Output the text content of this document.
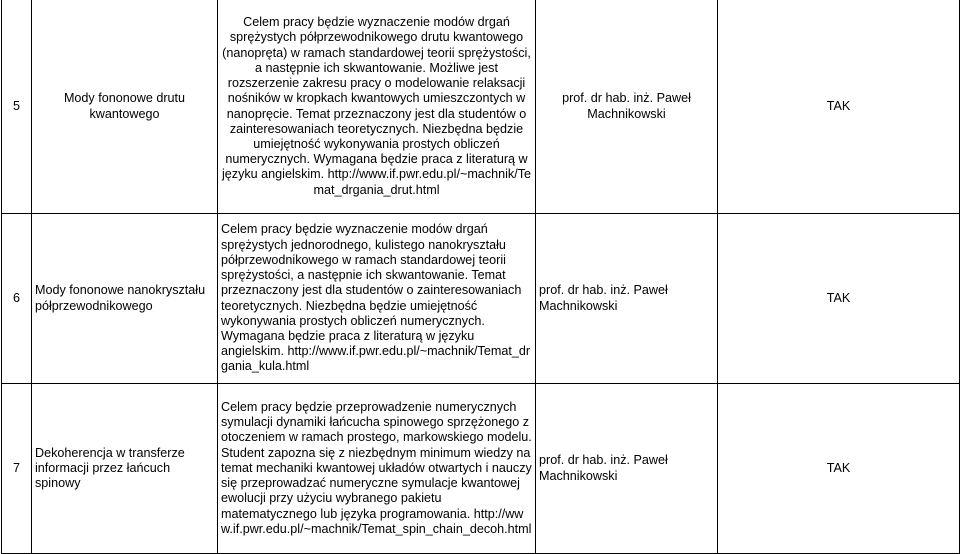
5	Mody fononowe drutu kwantowego	Celem pracy będzie wyznaczenie modów drgań sprężystych półprzewodnikowego drutu kwantowego (nanopręta) w ramach standardowej teorii sprężystości, a następnie ich skwantowanie. Możliwe jest rozszerzenie zakresu pracy o modelowanie relaksacji nośników w kropkach kwantowych umieszczontych w nanopręcie. Temat przeznaczony jest dla studentów o zainteresowaniach teoretycznych. Niezbędna będzie umiejętność wykonywania prostych obliczeń numerycznych. Wymagana będzie praca z literaturą w języku angielskim. http://www.if.pwr.edu.pl/~machnik/Temat_drgania_drut.html	prof. dr hab. inż. Paweł Machnikowski	TAK
6	Mody fononowe nanokryształu półprzewodnikowego	Celem pracy będzie wyznaczenie modów drgań sprężystych jednorodnego, kulistego nanokryształu półprzewodnikowego w ramach standardowej teorii sprężystości, a następnie ich skwantowanie. Temat przeznaczony jest dla studentów o zainteresowaniach teoretycznych. Niezbędna będzie umiejętność wykonywania prostych obliczeń numerycznych. Wymagana będzie praca z literaturą w języku angielskim. http://www.if.pwr.edu.pl/~machnik/Temat_drgania_kula.html	prof. dr hab. inż. Paweł Machnikowski	TAK
7	Dekoherencja w transferze informacji przez łańcuch spinowy	Celem pracy będzie przeprowadzenie numerycznych symulacji dynamiki łańcucha spinowego sprzężonego z otoczeniem w ramach prostego, markowskiego modelu. Student zapozna się z niezbędnym minimum wiedzy na temat mechaniki kwantowej układów otwartych i nauczy się przeprowadzać numeryczne symulacje kwantowej ewolucji przy użyciu wybranego pakietu matematycznego lub języka programowania. http://www.if.pwr.edu.pl/~machnik/Temat_spin_chain_decoh.html	prof. dr hab. inż. Paweł Machnikowski	TAK
